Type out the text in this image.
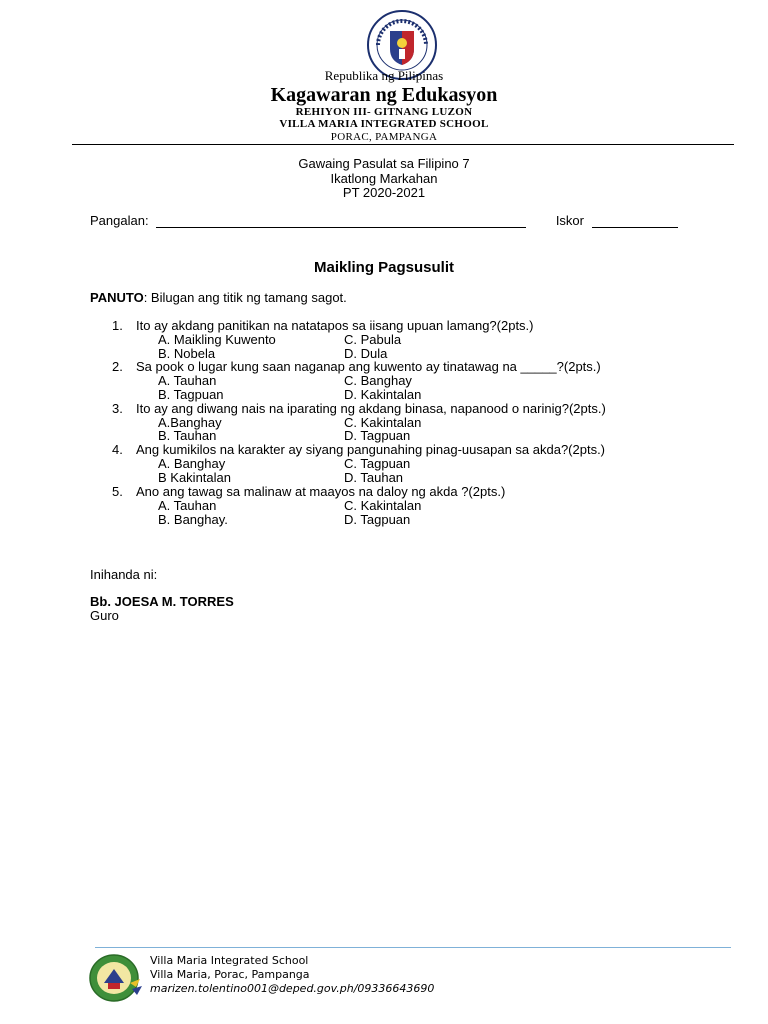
Republika ng Pilipinas
Kagawaran ng Edukasyon
REHIYON III- GITNANG LUZON
VILLA MARIA INTEGRATED SCHOOL
PORAC, PAMPANGA
Gawaing Pasulat sa Filipino 7
Ikatlong Markahan
PT 2020-2021
Pangalan:	Iskor
Maikling Pagsusulit
PANUTO: Bilugan ang titik ng tamang sagot.
1. Ito ay akdang panitikan na natatapos sa iisang upuan lamang?(2pts.)
A. Maikling Kuwento	C. Pabula
B. Nobela	D. Dula
2. Sa pook o lugar kung saan naganap ang kuwento ay tinatawag na _____?(2pts.)
A. Tauhan	C. Banghay
B. Tagpuan	D. Kakintalan
3. Ito ay ang diwang nais na iparating ng akdang binasa, napanood o narinig?(2pts.)
A.Banghay	C. Kakintalan
B. Tauhan	D. Tagpuan
4. Ang kumikilos na karakter ay siyang pangunahing pinag-uusapan sa akda?(2pts.)
A. Banghay	C. Tagpuan
B Kakintalan	D. Tauhan
5. Ano ang tawag sa malinaw at maayos na daloy ng akda ?(2pts.)
A. Tauhan	C. Kakintalan
B. Banghay.	D. Tagpuan
Inihanda ni:
Bb. JOESA M. TORRES
Guro
Villa Maria Integrated School
Villa Maria, Porac, Pampanga
marizen.tolentino001@deped.gov.ph/09336643690
